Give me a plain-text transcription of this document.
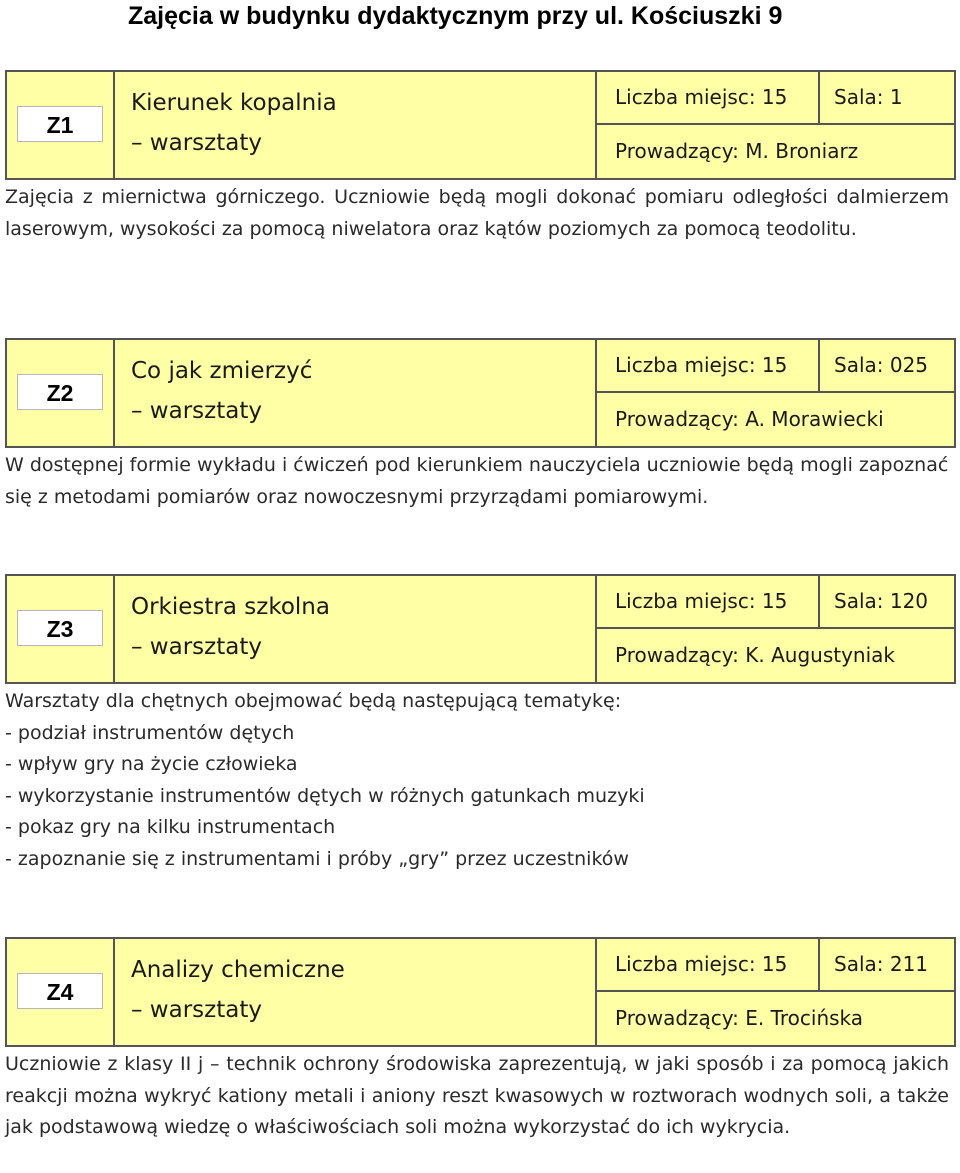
Zajęcia w budynku dydaktycznym przy ul. Kościuszki 9
Z1
Kierunek kopalnia
– warsztaty
Liczba miejsc: 15	Sala: 1
Prowadzący: M. Broniarz

Zajęcia z miernictwa górniczego. Uczniowie będą mogli dokonać pomiaru odległości dalmierzem laserowym, wysokości za pomocą niwelatora oraz kątów poziomych za pomocą teodolitu.

Z2
Co jak zmierzyć
– warsztaty
Liczba miejsc: 15	Sala: 025
Prowadzący: A. Morawiecki

W dostępnej formie wykładu i ćwiczeń pod kierunkiem nauczyciela uczniowie będą mogli zapoznać się z metodami pomiarów oraz nowoczesnymi przyrządami pomiarowymi.

Z3
Orkiestra szkolna
– warsztaty
Liczba miejsc: 15	Sala: 120
Prowadzący: K. Augustyniak
Warsztaty dla chętnych obejmować będą następującą tematykę:
- podział instrumentów dętych
- wpływ gry na życie człowieka
- wykorzystanie instrumentów dętych w różnych gatunkach muzyki
- pokaz gry na kilku instrumentach
- zapoznanie się z instrumentami i próby „gry” przez uczestników
Z4
Analizy chemiczne
– warsztaty
Liczba miejsc: 15	Sala: 211
Prowadzący: E. Trocińska

Uczniowie z klasy II j – technik ochrony środowiska zaprezentują, w jaki sposób i za pomocą jakich reakcji można wykryć kationy metali i aniony reszt kwasowych w roztworach wodnych soli, a także jak podstawową wiedzę o właściwościach soli można wykorzystać do ich wykrycia.
